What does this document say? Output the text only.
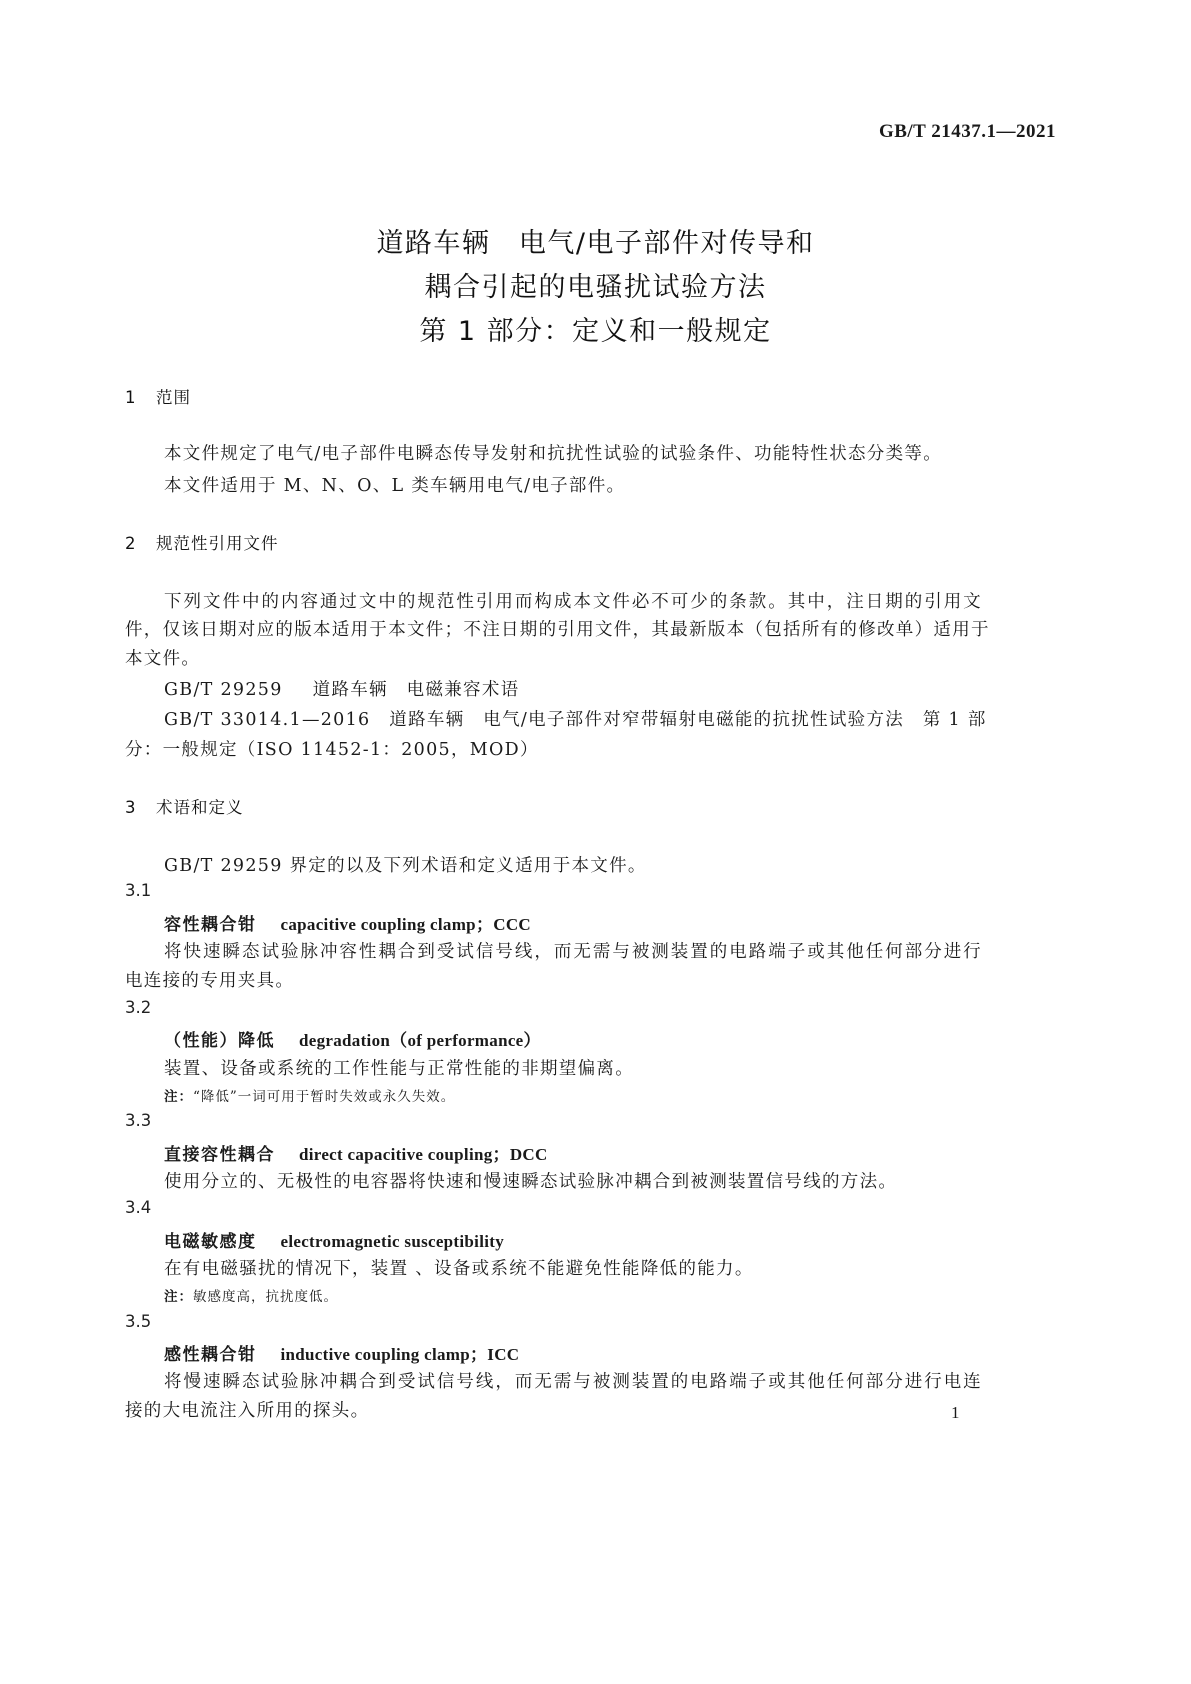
GB/T 21437.1—2021
道路车辆　电气/电子部件对传导和
耦合引起的电骚扰试验方法
第 1 部分：定义和一般规定
1 范围
本文件规定了电气/电子部件电瞬态传导发射和抗扰性试验的试验条件、功能特性状态分类等。
本文件适用于 M、N、O、L 类车辆用电气/电子部件。
2 规范性引用文件
下列文件中的内容通过文中的规范性引用而构成本文件必不可少的条款。其中，注日期的引用文
件，仅该日期对应的版本适用于本文件；不注日期的引用文件，其最新版本（包括所有的修改单）适用于
本文件。
GB/T 29259 道路车辆　电磁兼容术语
GB/T 33014.1—2016　道路车辆　电气/电子部件对窄带辐射电磁能的抗扰性试验方法　第 1 部
分：一般规定（ISO 11452-1：2005，MOD）
3 术语和定义
GB/T 29259 界定的以及下列术语和定义适用于本文件。
3.1
容性耦合钳 capacitive coupling clamp；CCC
将快速瞬态试验脉冲容性耦合到受试信号线，而无需与被测装置的电路端子或其他任何部分进行
电连接的专用夹具。
3.2
（性能）降低 degradation（of performance）
装置、设备或系统的工作性能与正常性能的非期望偏离。
注：“降低”一词可用于暂时失效或永久失效。
3.3
直接容性耦合 direct capacitive coupling；DCC
使用分立的、无极性的电容器将快速和慢速瞬态试验脉冲耦合到被测装置信号线的方法。
3.4
电磁敏感度 electromagnetic susceptibility
在有电磁骚扰的情况下，装置 、设备或系统不能避免性能降低的能力。
注：敏感度高，抗扰度低。
3.5
感性耦合钳 inductive coupling clamp；ICC
将慢速瞬态试验脉冲耦合到受试信号线，而无需与被测装置的电路端子或其他任何部分进行电连
接的大电流注入所用的探头。	1
